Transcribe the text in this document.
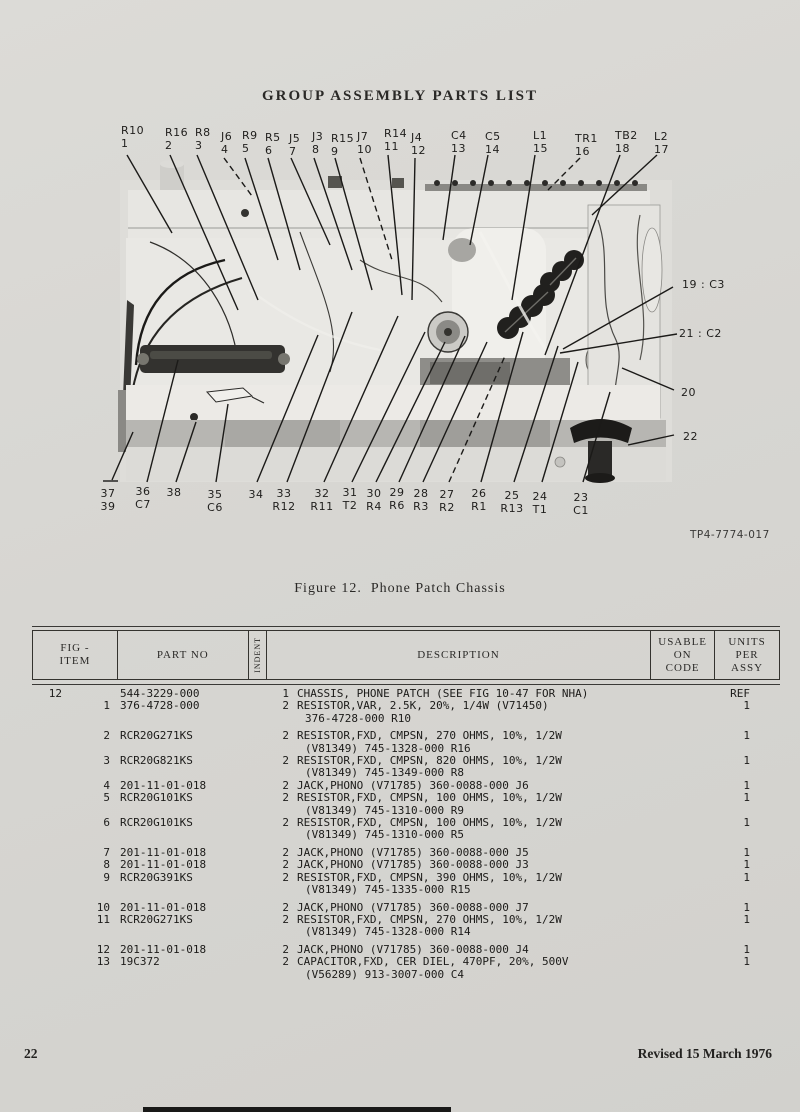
GROUP ASSEMBLY PARTS LIST
R10
1
R16
2
R8
3
J6
4
R9
5
R5
6
J5
7
J3
8
R15
9
J7
10
R14
11
J4
12
C4
13
C5
14
L1
15
TR1
16
TB2
18
L2
17
19 : C3
21 : C2
20
22
37
39
36
C7
38 35
C6
34	33
R12
32
R11
31
T2
30
R4
29
R6
28
R3
27
R2
26
R1
25
R13
24
T1
23
C1
TP4-7774-017
Figure 12.  Phone Patch Chassis
FIG -
ITEM
PART NO	INDENT	DESCRIPTION
USABLE
ON
CODE
UNITS
PER
ASSY
12	544-3229-000	1 CHASSIS, PHONE PATCH (SEE FIG 10-47 FOR NHA)	REF
1 376-4728-000	2 RESISTOR,VAR, 2.5K, 20%, 1/4W (V71450)	1
376-4728-000 R10
2 RCR20G271KS	2 RESISTOR,FXD, CMPSN, 270 OHMS, 10%, 1/2W	1
(V81349) 745-1328-000 R16
3 RCR20G821KS	2 RESISTOR,FXD, CMPSN, 820 OHMS, 10%, 1/2W	1
(V81349) 745-1349-000 R8
4 201-11-01-018	2 JACK,PHONO (V71785) 360-0088-000 J6	1
5 RCR20G101KS	2 RESISTOR,FXD, CMPSN, 100 OHMS, 10%, 1/2W	1
(V81349) 745-1310-000 R9
6 RCR20G101KS	2 RESISTOR,FXD, CMPSN, 100 OHMS, 10%, 1/2W	1
(V81349) 745-1310-000 R5
7 201-11-01-018	2 JACK,PHONO (V71785) 360-0088-000 J5	1
8 201-11-01-018	2 JACK,PHONO (V71785) 360-0088-000 J3	1
9 RCR20G391KS	2 RESISTOR,FXD, CMPSN, 390 OHMS, 10%, 1/2W	1
(V81349) 745-1335-000 R15
10 201-11-01-018	2 JACK,PHONO (V71785) 360-0088-000 J7	1
11 RCR20G271KS	2 RESISTOR,FXD, CMPSN, 270 OHMS, 10%, 1/2W	1
(V81349) 745-1328-000 R14
12 201-11-01-018	2 JACK,PHONO (V71785) 360-0088-000 J4	1
13 19C372	2 CAPACITOR,FXD, CER DIEL, 470PF, 20%, 500V	1
(V56289) 913-3007-000 C4
22	Revised 15 March 1976
